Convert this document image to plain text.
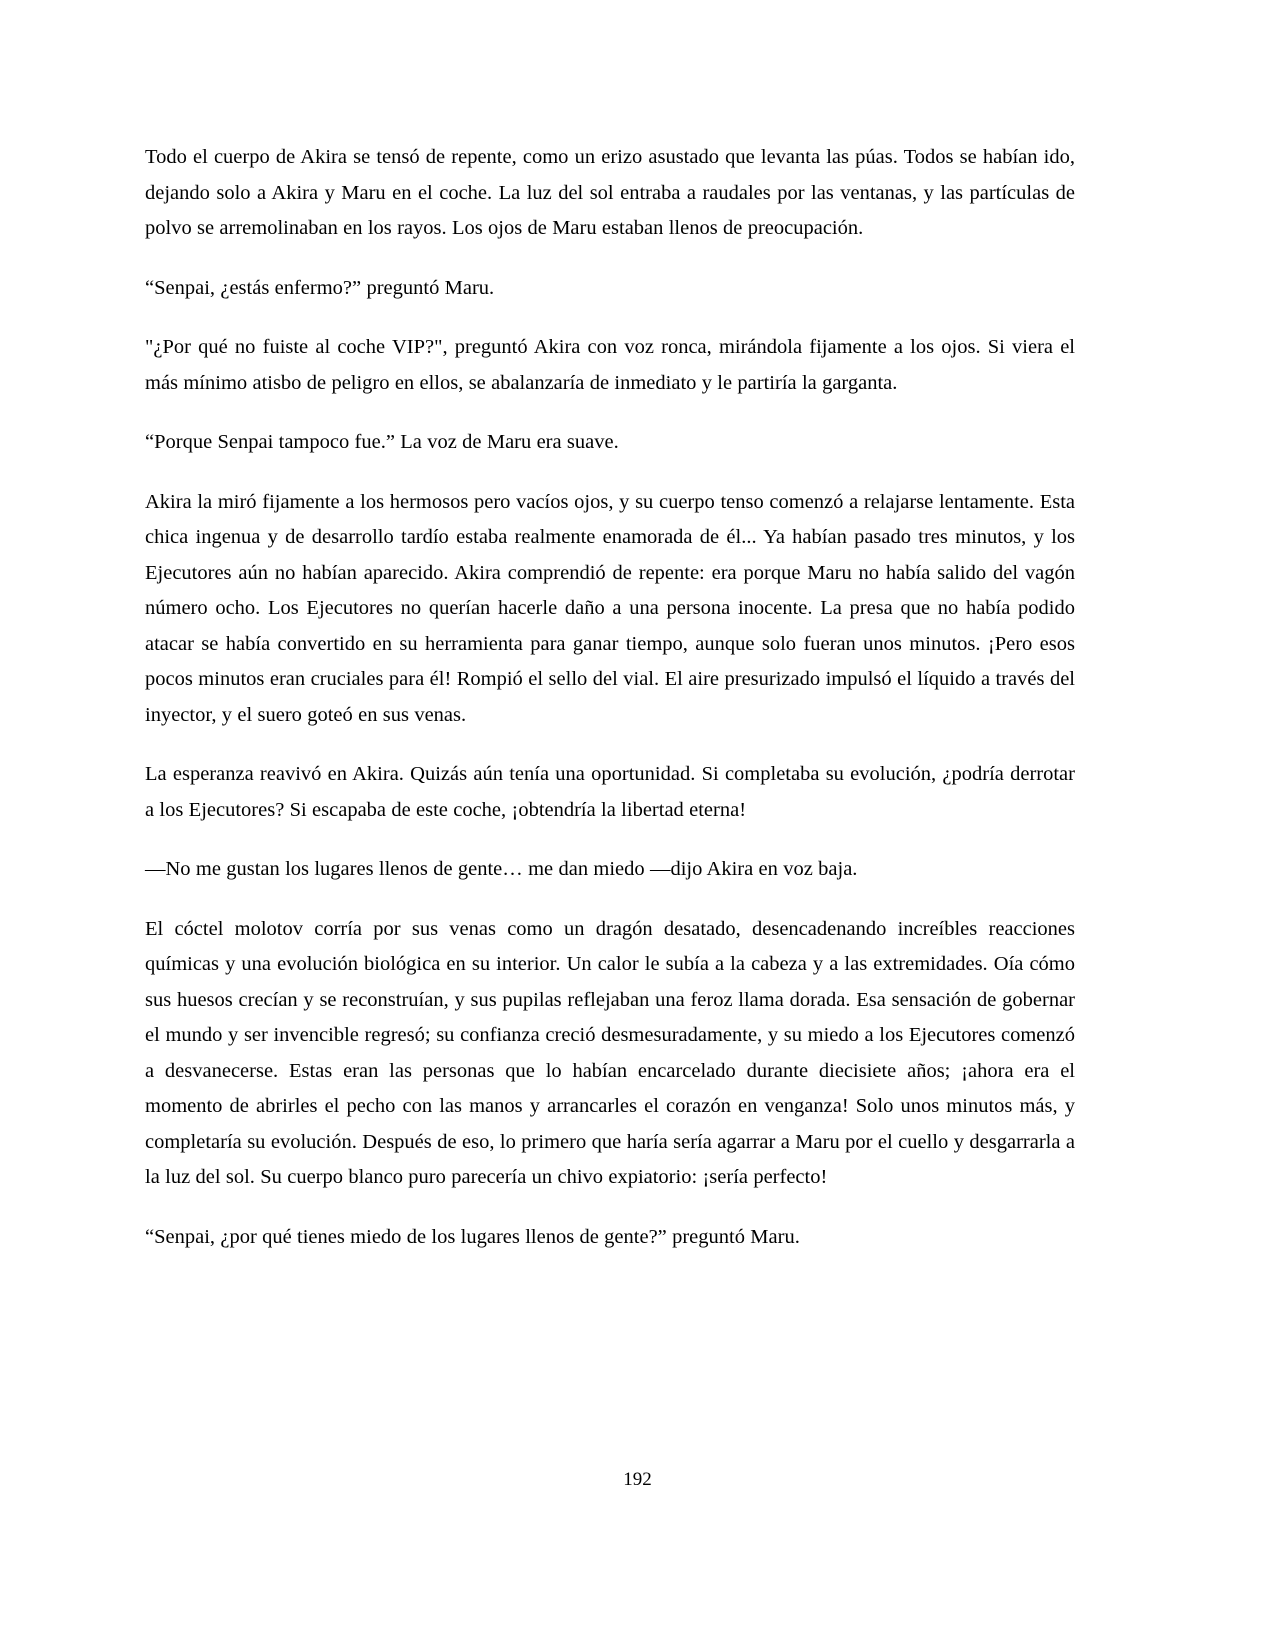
Todo el cuerpo de Akira se tensó de repente, como un erizo asustado que levanta las púas. Todos se habían ido, dejando solo a Akira y Maru en el coche. La luz del sol entraba a raudales por las ventanas, y las partículas de polvo se arremolinaban en los rayos. Los ojos de Maru estaban llenos de preocupación.

“Senpai, ¿estás enfermo?” preguntó Maru.

"¿Por qué no fuiste al coche VIP?", preguntó Akira con voz ronca, mirándola fijamente a los ojos. Si viera el más mínimo atisbo de peligro en ellos, se abalanzaría de inmediato y le partiría la garganta.

“Porque Senpai tampoco fue.” La voz de Maru era suave.

Akira la miró fijamente a los hermosos pero vacíos ojos, y su cuerpo tenso comenzó a relajarse lentamente. Esta chica ingenua y de desarrollo tardío estaba realmente enamorada de él... Ya habían pasado tres minutos, y los Ejecutores aún no habían aparecido. Akira comprendió de repente: era porque Maru no había salido del vagón número ocho. Los Ejecutores no querían hacerle daño a una persona inocente. La presa que no había podido atacar se había convertido en su herramienta para ganar tiempo, aunque solo fueran unos minutos. ¡Pero esos pocos minutos eran cruciales para él! Rompió el sello del vial. El aire presurizado impulsó el líquido a través del inyector, y el suero goteó en sus venas.

La esperanza reavivó en Akira. Quizás aún tenía una oportunidad. Si completaba su evolución, ¿podría derrotar a los Ejecutores? Si escapaba de este coche, ¡obtendría la libertad eterna!

—No me gustan los lugares llenos de gente… me dan miedo —dijo Akira en voz baja.

El cóctel molotov corría por sus venas como un dragón desatado, desencadenando increíbles reacciones químicas y una evolución biológica en su interior. Un calor le subía a la cabeza y a las extremidades. Oía cómo sus huesos crecían y se reconstruían, y sus pupilas reflejaban una feroz llama dorada. Esa sensación de gobernar el mundo y ser invencible regresó; su confianza creció desmesuradamente, y su miedo a los Ejecutores comenzó a desvanecerse. Estas eran las personas que lo habían encarcelado durante diecisiete años; ¡ahora era el momento de abrirles el pecho con las manos y arrancarles el corazón en venganza! Solo unos minutos más, y completaría su evolución. Después de eso, lo primero que haría sería agarrar a Maru por el cuello y desgarrarla a la luz del sol. Su cuerpo blanco puro parecería un chivo expiatorio: ¡sería perfecto!

“Senpai, ¿por qué tienes miedo de los lugares llenos de gente?” preguntó Maru.

192
